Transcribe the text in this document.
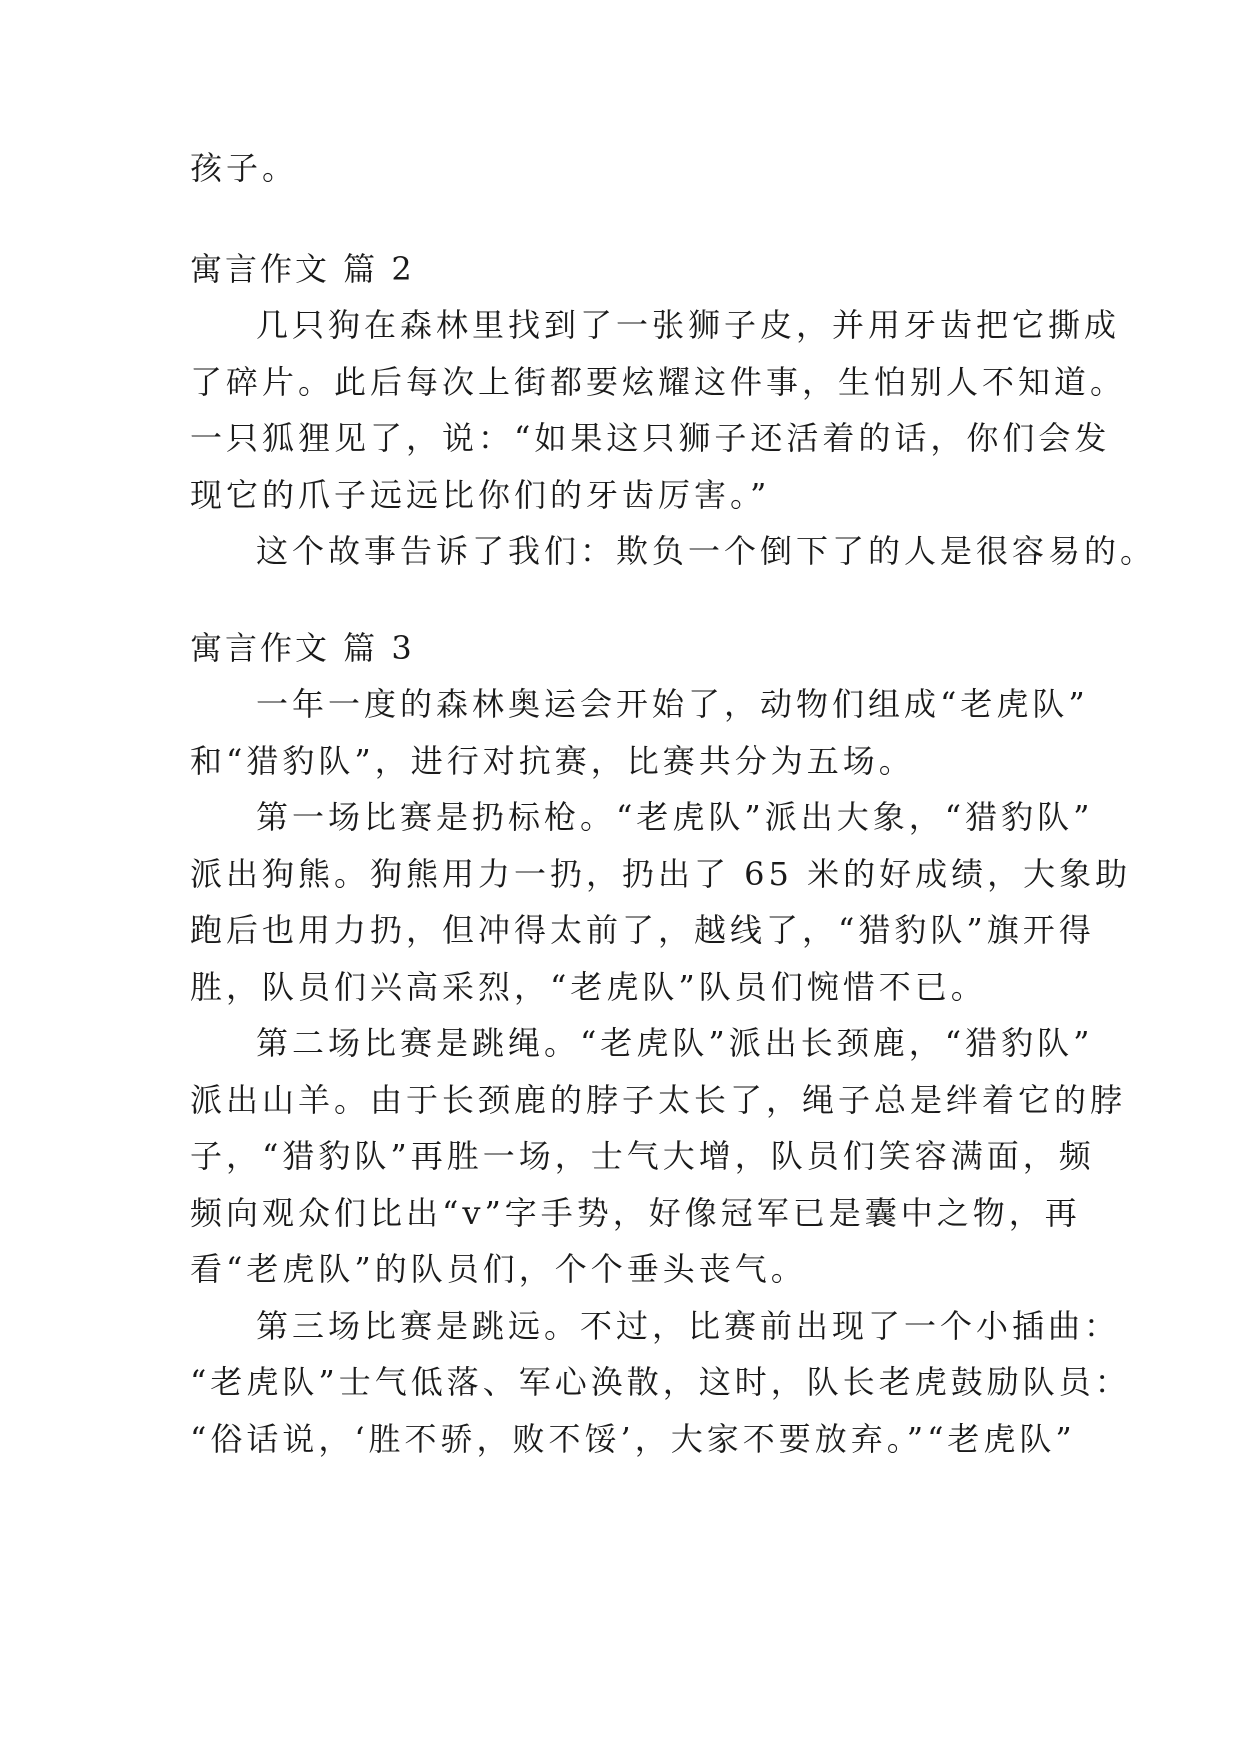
孩子。
寓言作文 篇 2
几只狗在森林里找到了一张狮子皮，并用牙齿把它撕成
了碎片。此后每次上街都要炫耀这件事，生怕别人不知道。
一只狐狸见了，说：“如果这只狮子还活着的话，你们会发
现它的爪子远远比你们的牙齿厉害。”
这个故事告诉了我们：欺负一个倒下了的人是很容易的。
寓言作文 篇 3
一年一度的森林奥运会开始了，动物们组成“老虎队”
和“猎豹队”，进行对抗赛，比赛共分为五场。
第一场比赛是扔标枪。“老虎队”派出大象，“猎豹队”
派出狗熊。狗熊用力一扔，扔出了 65 米的好成绩，大象助
跑后也用力扔，但冲得太前了，越线了，“猎豹队”旗开得
胜，队员们兴高采烈，“老虎队”队员们惋惜不已。
第二场比赛是跳绳。“老虎队”派出长颈鹿，“猎豹队”
派出山羊。由于长颈鹿的脖子太长了，绳子总是绊着它的脖
子，“猎豹队”再胜一场，士气大增，队员们笑容满面，频
频向观众们比出“v”字手势，好像冠军已是囊中之物，再
看“老虎队”的队员们，个个垂头丧气。
第三场比赛是跳远。不过，比赛前出现了一个小插曲：
“老虎队”士气低落、军心涣散，这时，队长老虎鼓励队员：
“俗话说，‘胜不骄，败不馁’，大家不要放弃。”“老虎队”
